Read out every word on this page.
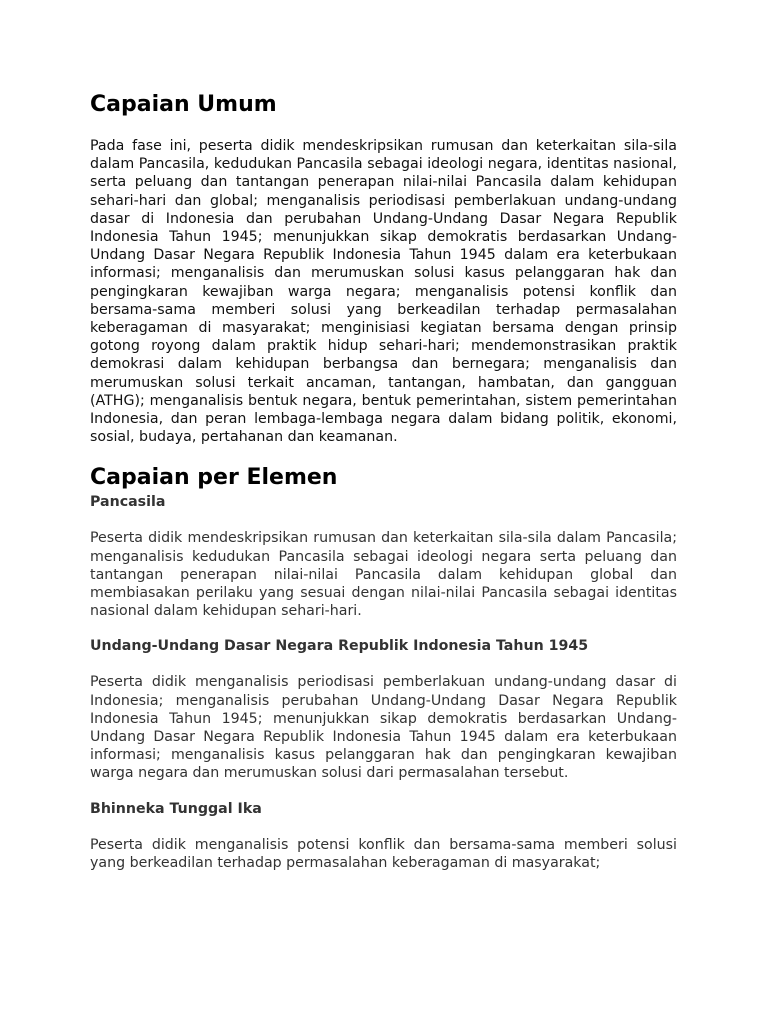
Capaian Umum

Pada fase ini, peserta didik mendeskripsikan rumusan dan keterkaitan sila-sila dalam Pancasila, kedudukan Pancasila sebagai ideologi negara, identitas nasional, serta peluang dan tantangan penerapan nilai-nilai Pancasila dalam kehidupan sehari-hari dan global; menganalisis periodisasi pemberlakuan undang-undang dasar di Indonesia dan perubahan Undang-Undang Dasar Negara Republik Indonesia Tahun 1945; menunjukkan sikap demokratis berdasarkan Undang-Undang Dasar Negara Republik Indonesia Tahun 1945 dalam era keterbukaan informasi; menganalisis dan merumuskan solusi kasus pelanggaran hak dan pengingkaran kewajiban warga negara; menganalisis potensi konflik dan bersama-sama memberi solusi yang berkeadilan terhadap permasalahan keberagaman di masyarakat; menginisiasi kegiatan bersama dengan prinsip gotong royong dalam praktik hidup sehari-hari; mendemonstrasikan praktik demokrasi dalam kehidupan berbangsa dan bernegara; menganalisis dan merumuskan solusi terkait ancaman, tantangan, hambatan, dan gangguan (ATHG); menganalisis bentuk negara, bentuk pemerintahan, sistem pemerintahan Indonesia, dan peran lembaga-lembaga negara dalam bidang politik, ekonomi, sosial, budaya, pertahanan dan keamanan.

Capaian per Elemen
Pancasila

Peserta didik mendeskripsikan rumusan dan keterkaitan sila-sila dalam Pancasila; menganalisis kedudukan Pancasila sebagai ideologi negara serta peluang dan tantangan penerapan nilai-nilai Pancasila dalam kehidupan global dan membiasakan perilaku yang sesuai dengan nilai-nilai Pancasila sebagai identitas nasional dalam kehidupan sehari-hari.

Undang-Undang Dasar Negara Republik Indonesia Tahun 1945

Peserta didik menganalisis periodisasi pemberlakuan undang-undang dasar di Indonesia; menganalisis perubahan Undang-Undang Dasar Negara Republik Indonesia Tahun 1945; menunjukkan sikap demokratis berdasarkan Undang-Undang Dasar Negara Republik Indonesia Tahun 1945 dalam era keterbukaan informasi; menganalisis kasus pelanggaran hak dan pengingkaran kewajiban warga negara dan merumuskan solusi dari permasalahan tersebut.

Bhinneka Tunggal Ika

Peserta didik menganalisis potensi konflik dan bersama-sama memberi solusi yang berkeadilan terhadap permasalahan keberagaman di masyarakat;
